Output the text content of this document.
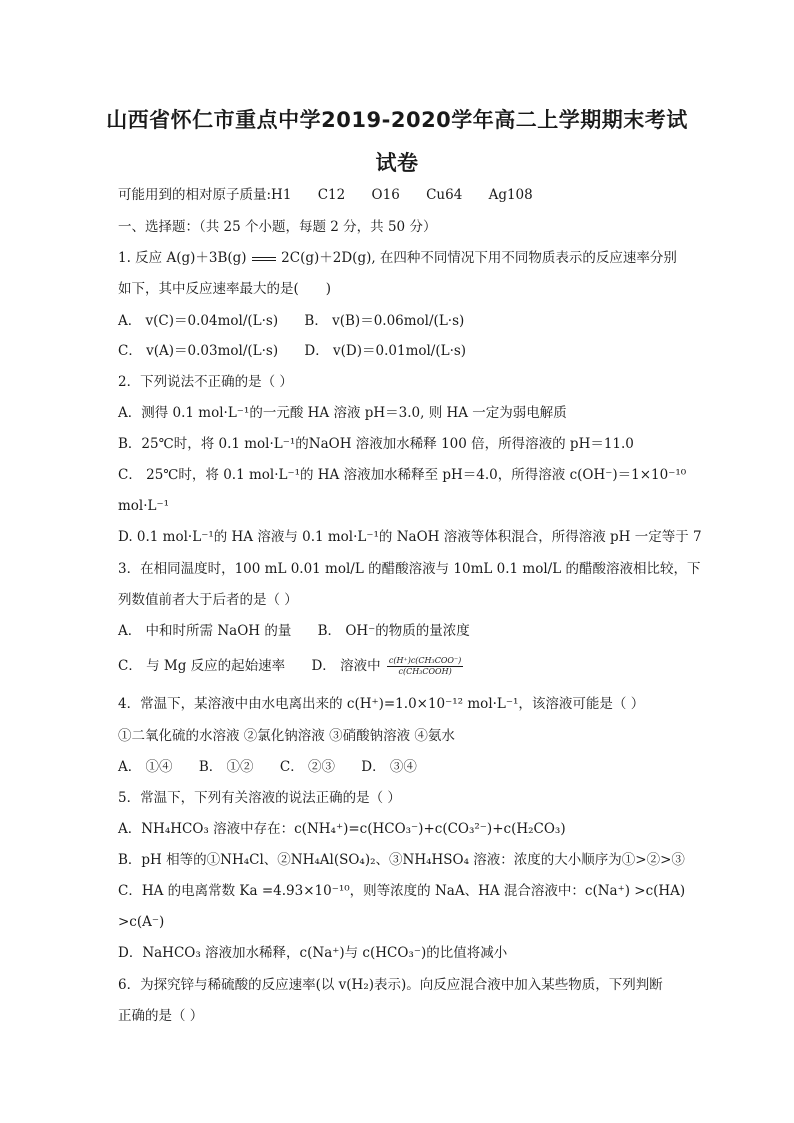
山西省怀仁市重点中学2019-2020学年高二上学期期末考试
试卷
可能用到的相对原子质量:H1 C12 O16 Cu64 Ag108
一、选择题：（共 25 个小题，每题 2 分，共 50 分）
1. 反应 A(g)＋3B(g)	2C(g)＋2D(g), 在四种不同情况下用不同物质表示的反应速率分别
如下，其中反应速率最大的是(　　)
A． v(C)＝0.04mol/(L·s) B． v(B)＝0.06mol/(L·s)
C． v(A)＝0.03mol/(L·s) D． v(D)＝0.01mol/(L·s)
2．下列说法不正确的是（ ）
A．测得 0.1 mol·L⁻¹的一元酸 HA 溶液 pH＝3.0, 则 HA 一定为弱电解质
B．25℃时，将 0.1 mol·L⁻¹的NaOH 溶液加水稀释 100 倍，所得溶液的 pH＝11.0
C． 25℃时，将 0.1 mol·L⁻¹的 HA 溶液加水稀释至 pH＝4.0，所得溶液 c(OH⁻)＝1×10⁻¹⁰
mol·L⁻¹
D. 0.1 mol·L⁻¹的 HA 溶液与 0.1 mol·L⁻¹的 NaOH 溶液等体积混合，所得溶液 pH 一定等于 7
3．在相同温度时，100 mL 0.01 mol/L 的醋酸溶液与 10mL 0.1 mol/L 的醋酸溶液相比较，下
列数值前者大于后者的是（ ）
A． 中和时所需 NaOH 的量 B． OH⁻的物质的量浓度
C． 与 Mg 反应的起始速率 D． 溶液中 $\frac{\text{c(H⁺)c(CH₃COO⁻)}}{\text{c(CH₃COOH)}}$
4．常温下，某溶液中由水电离出来的 c(H⁺)=1.0×10⁻¹² mol·L⁻¹，该溶液可能是（ ）
①二氧化硫的水溶液 ②氯化钠溶液 ③硝酸钠溶液 ④氨水
A． ①④ B． ①② C． ②③ D． ③④
5．常温下，下列有关溶液的说法正确的是（ ）
A．NH₄HCO₃ 溶液中存在：c(NH₄⁺)=c(HCO₃⁻)+c(CO₃²⁻)+c(H₂CO₃)
B．pH 相等的①NH₄Cl、②NH₄Al(SO₄)₂、③NH₄HSO₄ 溶液：浓度的大小顺序为①>②>③
C．HA 的电离常数 Ka =4.93×10⁻¹⁰，则等浓度的 NaA、HA 混合溶液中：c(Na⁺) >c(HA)
>c(A⁻)
D．NaHCO₃ 溶液加水稀释，c(Na⁺)与 c(HCO₃⁻)的比值将减小
6．为探究锌与稀硫酸的反应速率(以 v(H₂)表示)。向反应混合液中加入某些物质，下列判断
正确的是（ ）
